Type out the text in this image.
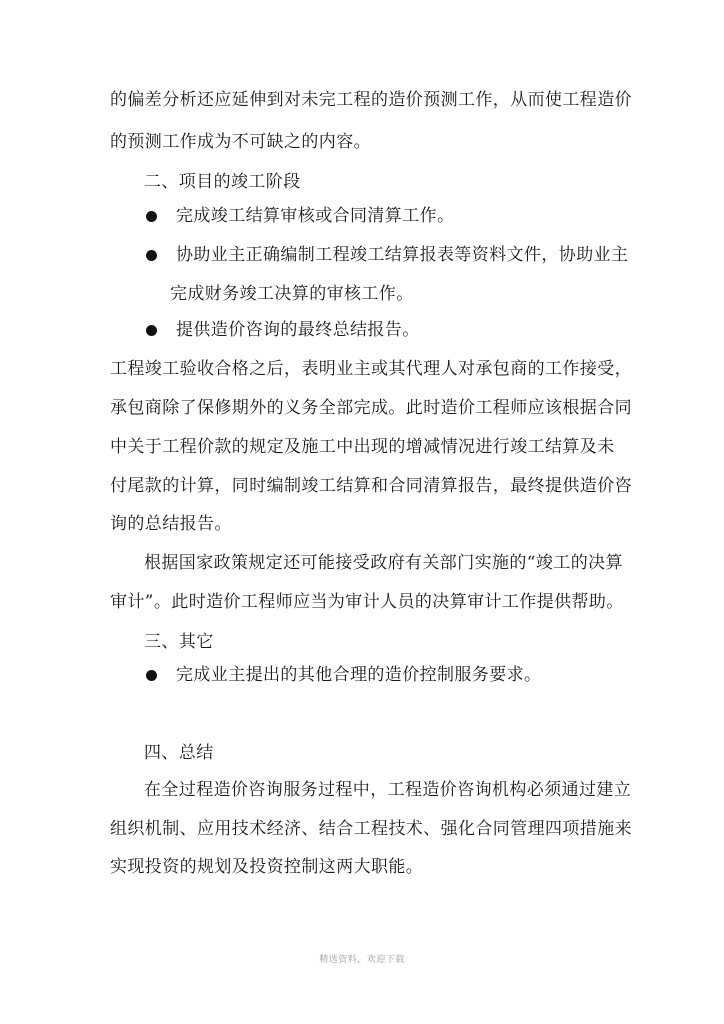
的偏差分析还应延伸到对未完工程的造价预测工作，从而使工程造价
的预测工作成为不可缺之的内容。
二、项目的竣工阶段
完成竣工结算审核或合同清算工作。
协助业主正确编制工程竣工结算报表等资料文件，协助业主
完成财务竣工决算的审核工作。
提供造价咨询的最终总结报告。
工程竣工验收合格之后，表明业主或其代理人对承包商的工作接受，
承包商除了保修期外的义务全部完成。此时造价工程师应该根据合同
中关于工程价款的规定及施工中出现的增减情况进行竣工结算及未
付尾款的计算，同时编制竣工结算和合同清算报告，最终提供造价咨
询的总结报告。
根据国家政策规定还可能接受政府有关部门实施的“竣工的决算
审计”。此时造价工程师应当为审计人员的决算审计工作提供帮助。
三、其它
完成业主提出的其他合理的造价控制服务要求。
四、总结
在全过程造价咨询服务过程中，工程造价咨询机构必须通过建立
组织机制、应用技术经济、结合工程技术、强化合同管理四项措施来
实现投资的规划及投资控制这两大职能。
精选资料，欢迎下载
